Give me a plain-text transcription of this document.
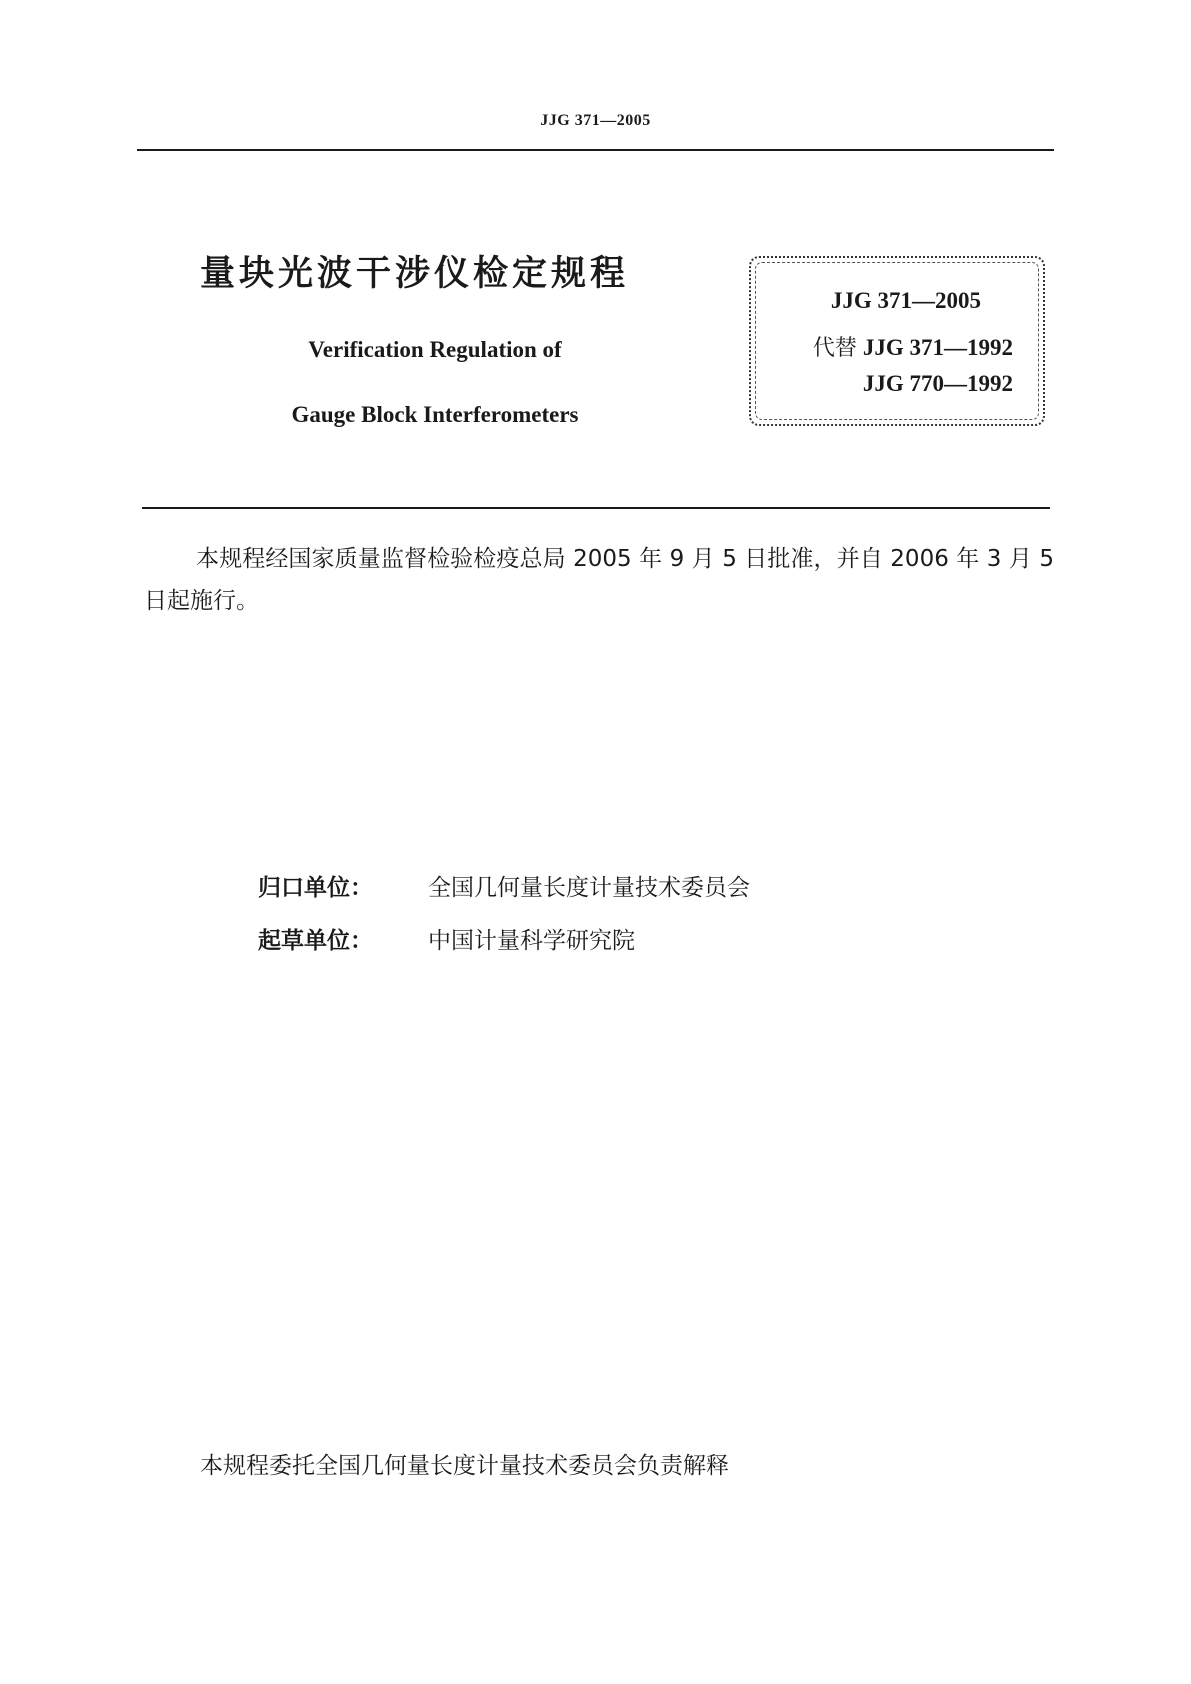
JJG 371—2005
量块光波干涉仪检定规程
Verification Regulation of
Gauge Block Interferometers
JJG 371—2005
代替 JJG 371—1992
JJG 770—1992
本规程经国家质量监督检验检疫总局 2005 年 9 月 5 日批准，并自 2006 年 3 月 5 日起施行。
归口单位： 全国几何量长度计量技术委员会
起草单位： 中国计量科学研究院
本规程委托全国几何量长度计量技术委员会负责解释
